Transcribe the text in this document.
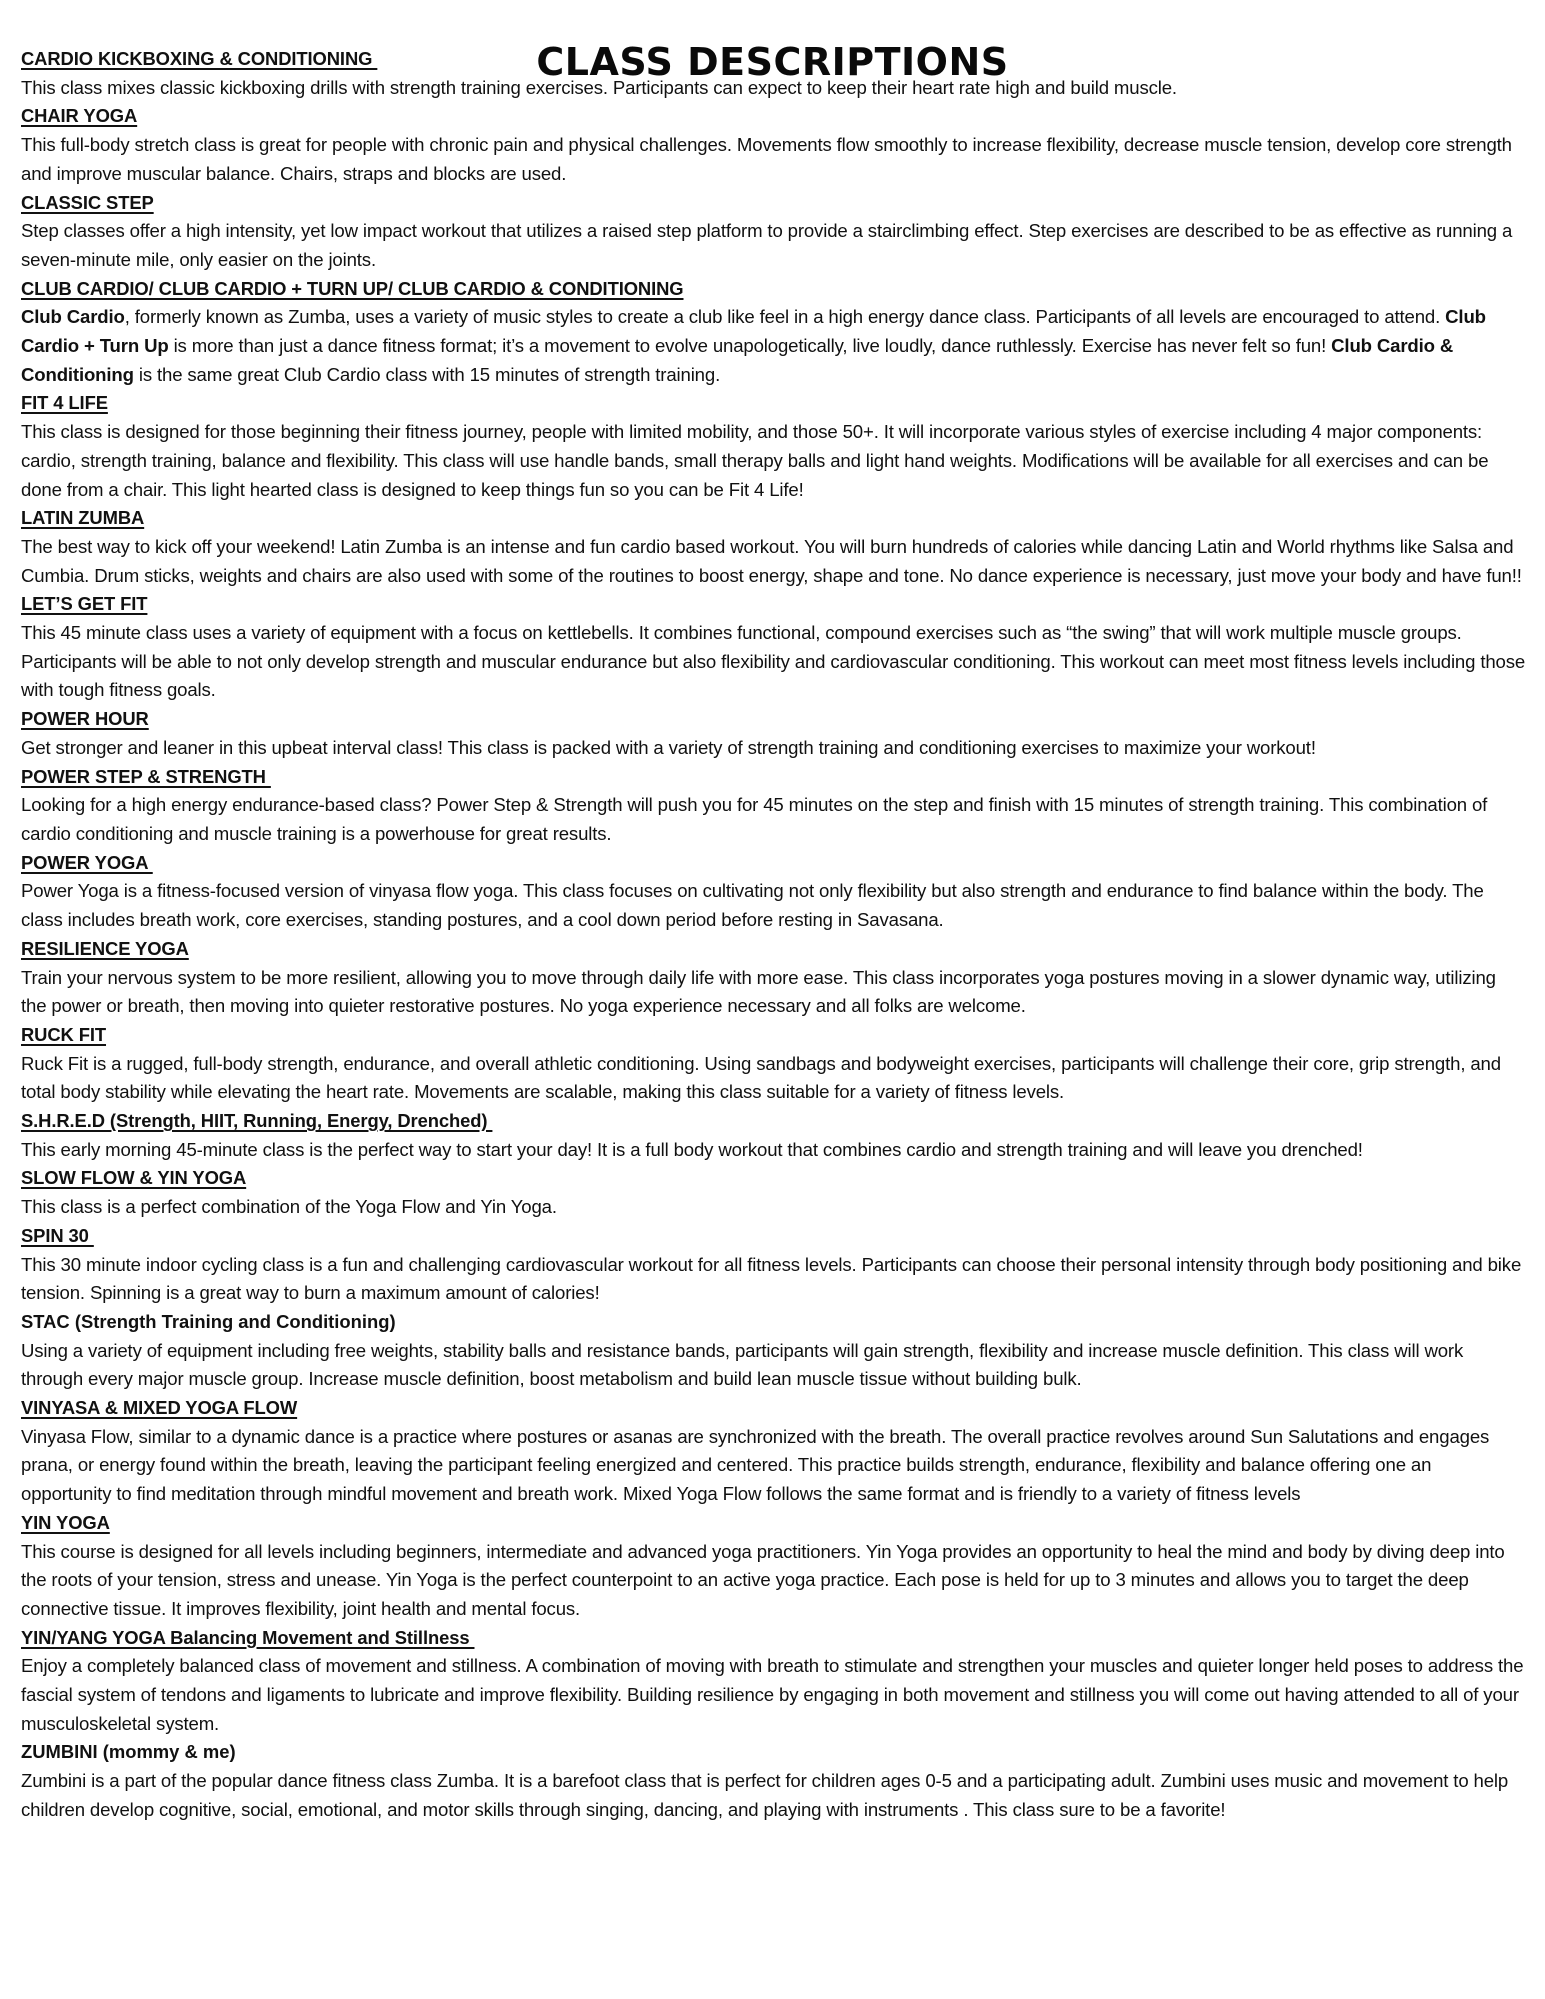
CLASS DESCRIPTIONS
CARDIO KICKBOXING & CONDITIONING

This class mixes classic kickboxing drills with strength training exercises. Participants can expect to keep their heart rate high and build muscle.

CHAIR YOGA

This full-body stretch class is great for people with chronic pain and physical challenges. Movements flow smoothly to increase flexibility, decrease muscle tension, develop core strength and improve muscular balance. Chairs, straps and blocks are used.

CLASSIC STEP

Step classes offer a high intensity, yet low impact workout that utilizes a raised step platform to provide a stairclimbing effect. Step exercises are described to be as effective as running a seven-minute mile, only easier on the joints.

CLUB CARDIO/ CLUB CARDIO + TURN UP/ CLUB CARDIO & CONDITIONING

Club Cardio, formerly known as Zumba, uses a variety of music styles to create a club like feel in a high energy dance class. Participants of all levels are encouraged to attend. Club Cardio + Turn Up is more than just a dance fitness format; it’s a movement to evolve unapologetically, live loudly, dance ruthlessly. Exercise has never felt so fun! Club Cardio & Conditioning is the same great Club Cardio class with 15 minutes of strength training.

FIT 4 LIFE

This class is designed for those beginning their fitness journey, people with limited mobility, and those 50+. It will incorporate various styles of exercise including 4 major components: cardio, strength training, balance and flexibility. This class will use handle bands, small therapy balls and light hand weights. Modifications will be available for all exercises and can be done from a chair. This light hearted class is designed to keep things fun so you can be Fit 4 Life!

LATIN ZUMBA

The best way to kick off your weekend! Latin Zumba is an intense and fun cardio based workout. You will burn hundreds of calories while dancing Latin and World rhythms like Salsa and Cumbia. Drum sticks, weights and chairs are also used with some of the routines to boost energy, shape and tone. No dance experience is necessary, just move your body and have fun!!

LET’S GET FIT

This 45 minute class uses a variety of equipment with a focus on kettlebells. It combines functional, compound exercises such as “the swing” that will work multiple muscle groups. Participants will be able to not only develop strength and muscular endurance but also flexibility and cardiovascular conditioning. This workout can meet most fitness levels including those with tough fitness goals.

POWER HOUR

Get stronger and leaner in this upbeat interval class! This class is packed with a variety of strength training and conditioning exercises to maximize your workout!

POWER STEP & STRENGTH

Looking for a high energy endurance-based class? Power Step & Strength will push you for 45 minutes on the step and finish with 15 minutes of strength training. This combination of cardio conditioning and muscle training is a powerhouse for great results.

POWER YOGA

Power Yoga is a fitness-focused version of vinyasa flow yoga. This class focuses on cultivating not only flexibility but also strength and endurance to find balance within the body. The class includes breath work, core exercises, standing postures, and a cool down period before resting in Savasana.

RESILIENCE YOGA

Train your nervous system to be more resilient, allowing you to move through daily life with more ease. This class incorporates yoga postures moving in a slower dynamic way, utilizing the power or breath, then moving into quieter restorative postures. No yoga experience necessary and all folks are welcome.

RUCK FIT

Ruck Fit is a rugged, full-body strength, endurance, and overall athletic conditioning. Using sandbags and bodyweight exercises, participants will challenge their core, grip strength, and total body stability while elevating the heart rate. Movements are scalable, making this class suitable for a variety of fitness levels.

S.H.R.E.D (Strength, HIIT, Running, Energy, Drenched)

This early morning 45-minute class is the perfect way to start your day! It is a full body workout that combines cardio and strength training and will leave you drenched!

SLOW FLOW & YIN YOGA

This class is a perfect combination of the Yoga Flow and Yin Yoga.

SPIN 30

This 30 minute indoor cycling class is a fun and challenging cardiovascular workout for all fitness levels. Participants can choose their personal intensity through body positioning and bike tension. Spinning is a great way to burn a maximum amount of calories!

STAC (Strength Training and Conditioning)

Using a variety of equipment including free weights, stability balls and resistance bands, participants will gain strength, flexibility and increase muscle definition. This class will work through every major muscle group. Increase muscle definition, boost metabolism and build lean muscle tissue without building bulk.

VINYASA & MIXED YOGA FLOW

Vinyasa Flow, similar to a dynamic dance is a practice where postures or asanas are synchronized with the breath. The overall practice revolves around Sun Salutations and engages prana, or energy found within the breath, leaving the participant feeling energized and centered. This practice builds strength, endurance, flexibility and balance offering one an opportunity to find meditation through mindful movement and breath work. Mixed Yoga Flow follows the same format and is friendly to a variety of fitness levels

YIN YOGA

This course is designed for all levels including beginners, intermediate and advanced yoga practitioners. Yin Yoga provides an opportunity to heal the mind and body by diving deep into the roots of your tension, stress and unease. Yin Yoga is the perfect counterpoint to an active yoga practice. Each pose is held for up to 3 minutes and allows you to target the deep connective tissue. It improves flexibility, joint health and mental focus.

YIN/YANG YOGA Balancing Movement and Stillness

Enjoy a completely balanced class of movement and stillness. A combination of moving with breath to stimulate and strengthen your muscles and quieter longer held poses to address the fascial system of tendons and ligaments to lubricate and improve flexibility. Building resilience by engaging in both movement and stillness you will come out having attended to all of your musculoskeletal system.

ZUMBINI (mommy & me)

Zumbini is a part of the popular dance fitness class Zumba. It is a barefoot class that is perfect for children ages 0-5 and a participating adult. Zumbini uses music and movement to help children develop cognitive, social, emotional, and motor skills through singing, dancing, and playing with instruments . This class sure to be a favorite!
